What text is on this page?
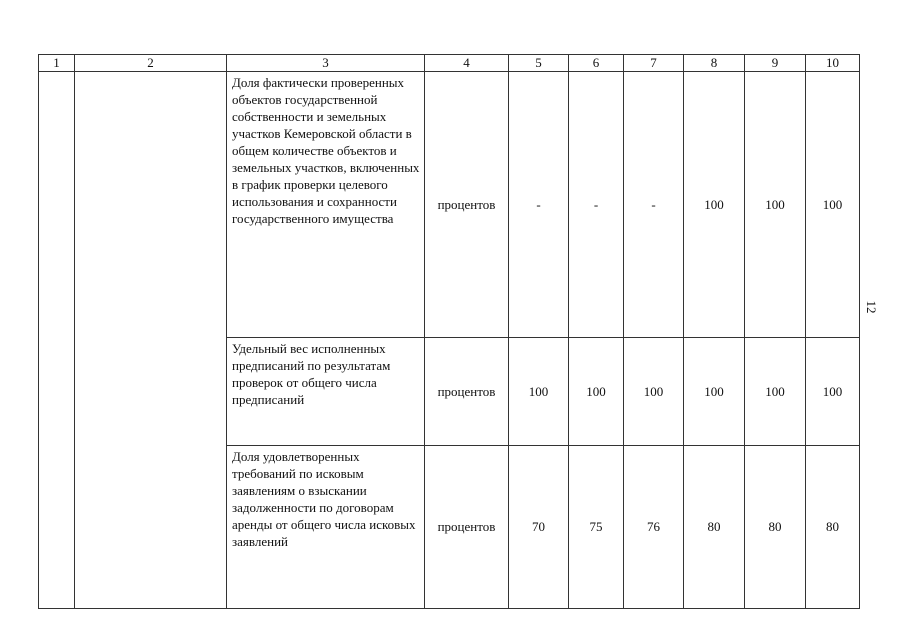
1	2	3	4	5	6	7	8	9	10
		Доля фактически проверенных объектов государственной собственности и земельных участков Кемеровской области в общем количестве объектов и земельных участков, включенных в график проверки целевого использования и сохранности государственного имущества	процентов	-	-	-	100	100	100
		Удельный вес исполненных предписаний по результатам проверок от общего числа предписаний	процентов	100	100	100	100	100	100
		Доля удовлетворенных требований по исковым заявлениям о взыскании задолженности по договорам аренды от общего числа исковых заявлений	процентов	70	75	76	80	80	80
12
